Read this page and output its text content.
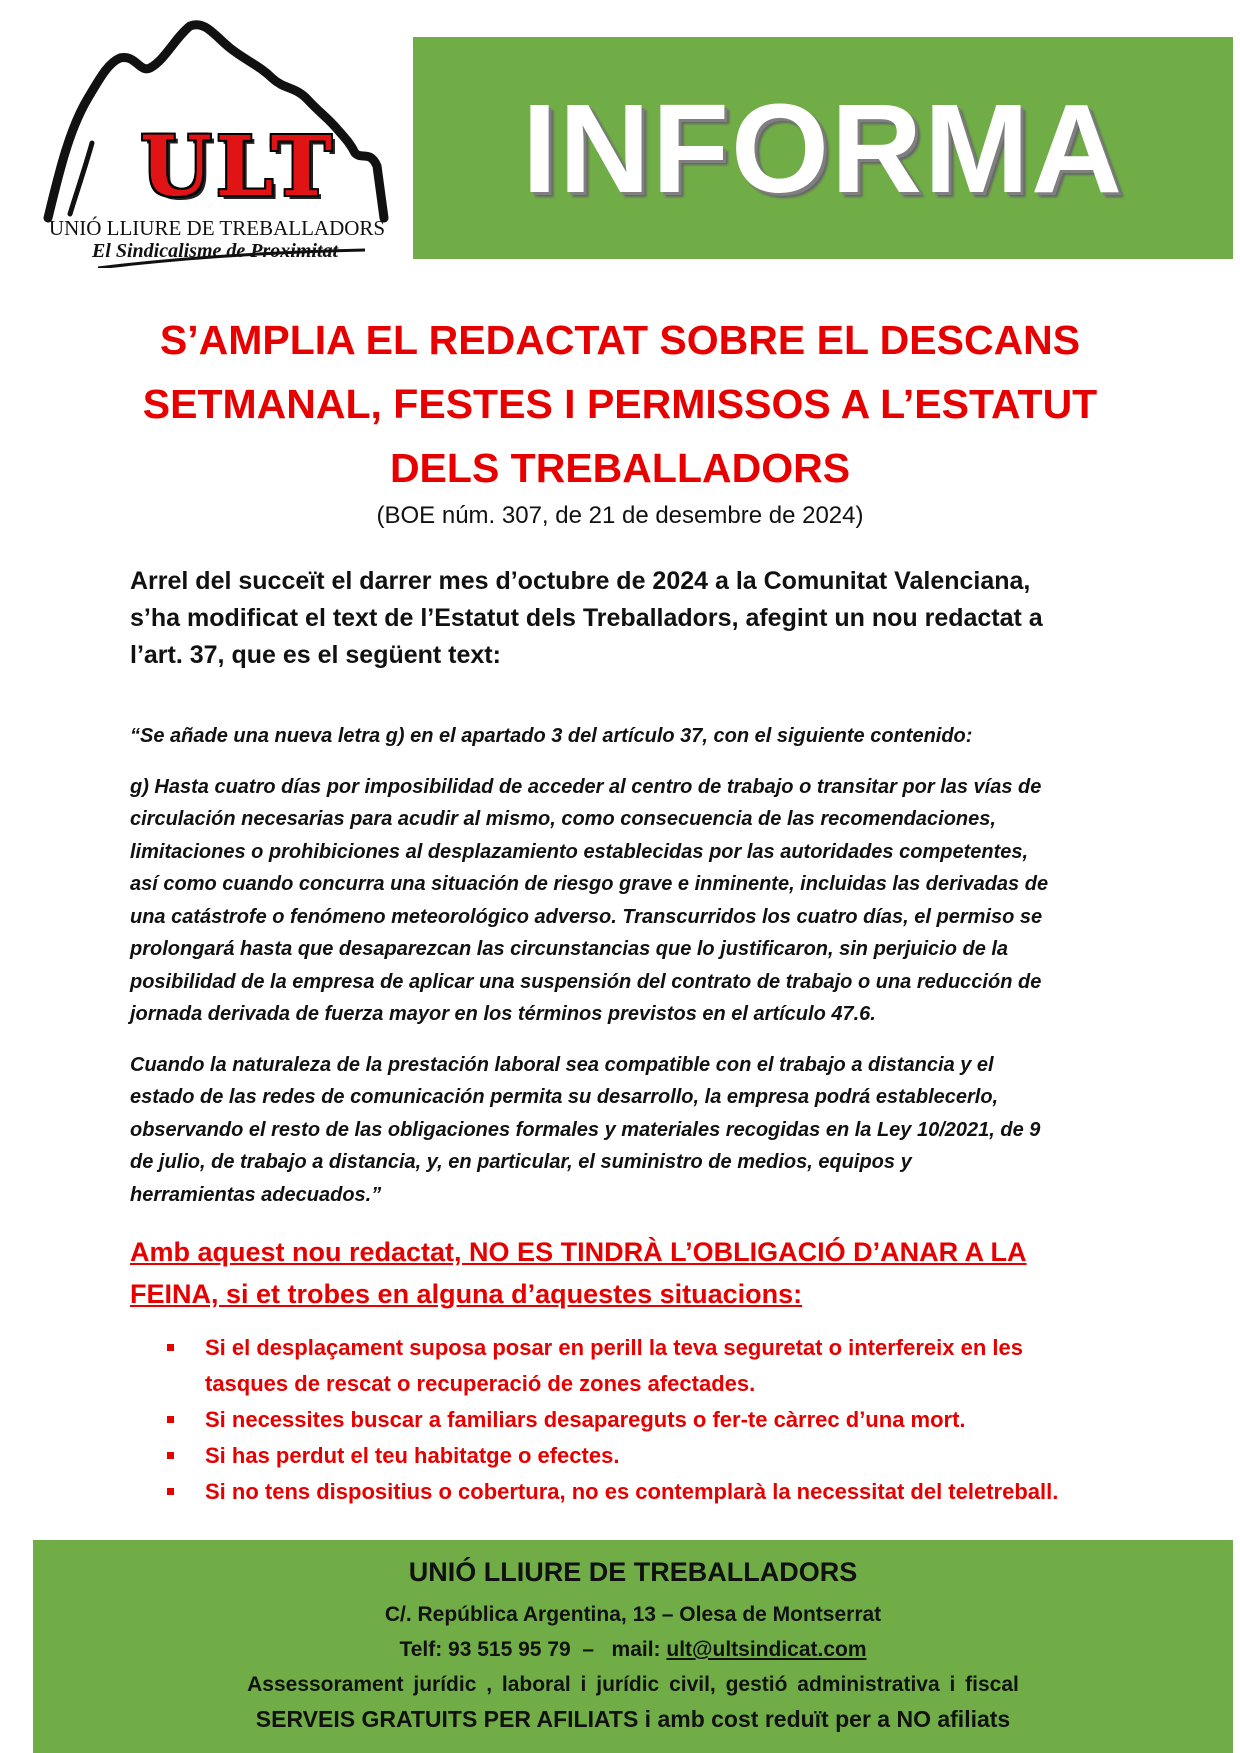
ULT
UNIÓ LLIURE DE TREBALLADORS
El Sindicalisme de Proximitat
INFORMA
S’AMPLIA EL REDACTAT SOBRE EL DESCANS
SETMANAL, FESTES I PERMISSOS A L’ESTATUT
DELS TREBALLADORS
(BOE núm. 307, de 21 de desembre de 2024)
Arrel del succeït el darrer mes d’octubre de 2024 a la Comunitat Valenciana,
s’ha modificat el text de l’Estatut dels Treballadors, afegint un nou redactat a
l’art. 37, que es el següent text:
“Se añade una nueva letra g) en el apartado 3 del artículo 37, con el siguiente contenido:
g) Hasta cuatro días por imposibilidad de acceder al centro de trabajo o transitar por las vías de
circulación necesarias para acudir al mismo, como consecuencia de las recomendaciones,
limitaciones o prohibiciones al desplazamiento establecidas por las autoridades competentes,
así como cuando concurra una situación de riesgo grave e inminente, incluidas las derivadas de
una catástrofe o fenómeno meteorológico adverso. Transcurridos los cuatro días, el permiso se
prolongará hasta que desaparezcan las circunstancias que lo justificaron, sin perjuicio de la
posibilidad de la empresa de aplicar una suspensión del contrato de trabajo o una reducción de
jornada derivada de fuerza mayor en los términos previstos en el artículo 47.6.
Cuando la naturaleza de la prestación laboral sea compatible con el trabajo a distancia y el
estado de las redes de comunicación permita su desarrollo, la empresa podrá establecerlo,
observando el resto de las obligaciones formales y materiales recogidas en la Ley 10/2021, de 9
de julio, de trabajo a distancia, y, en particular, el suministro de medios, equipos y
herramientas adecuados.”
Amb aquest nou redactat, NO ES TINDRÀ L’OBLIGACIÓ D’ANAR A LA
FEINA, si et trobes en alguna d’aquestes situacions:
Si el desplaçament suposa posar en perill la teva seguretat o interfereix en les
tasques de rescat o recuperació de zones afectades.
Si necessites buscar a familiars desapareguts o fer-te càrrec d’una mort.
Si has perdut el teu habitatge o efectes.
Si no tens dispositius o cobertura, no es contemplarà la necessitat del teletreball.
UNIÓ LLIURE DE TREBALLADORS
C/. República Argentina, 13 – Olesa de Montserrat
Telf: 93 515 95 79  –   mail: ult@ultsindicat.com
Assessorament jurídic , laboral i jurídic civil, gestió administrativa i fiscal
SERVEIS GRATUITS PER AFILIATS i amb cost reduït per a NO afiliats
